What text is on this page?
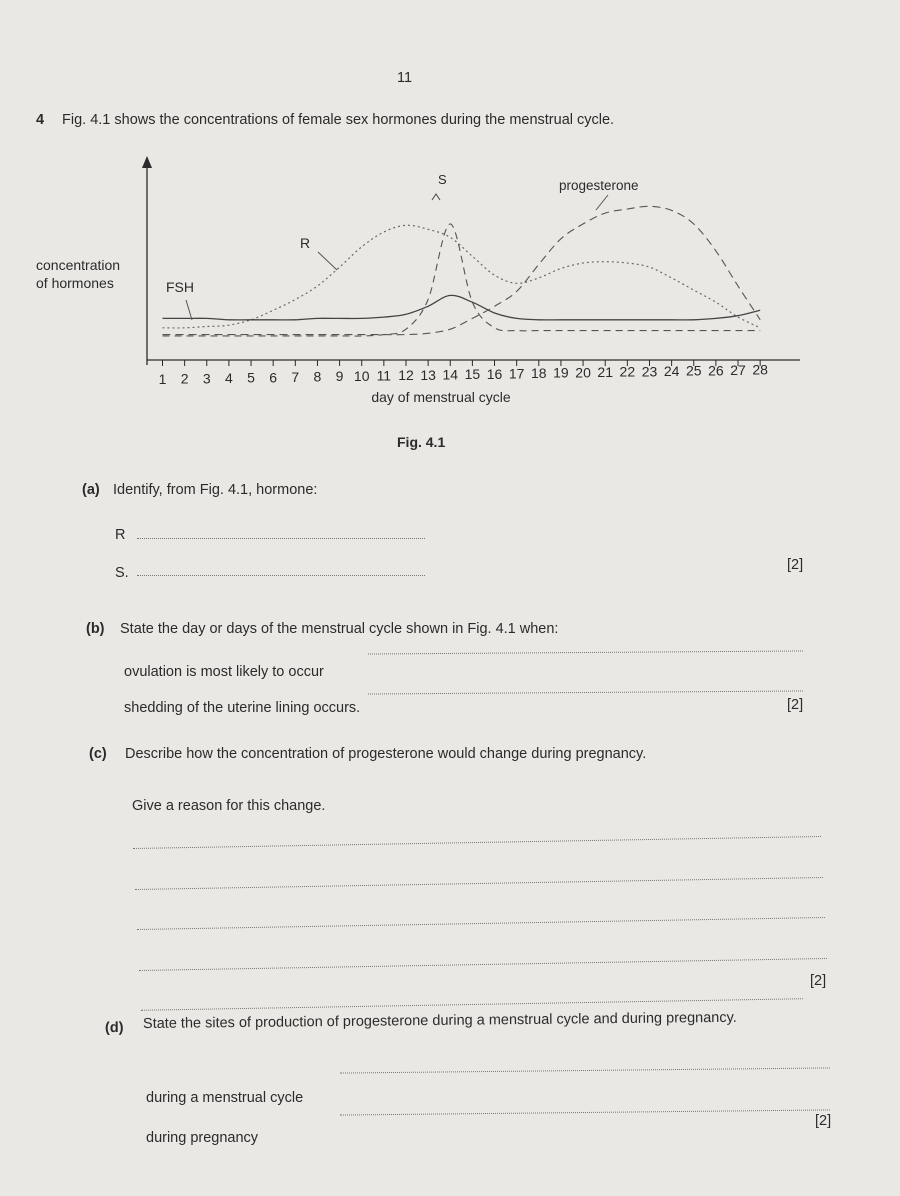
11
4 Fig. 4.1 shows the concentrations of female sex hormones during the menstrual cycle.
1 2 3 4 5 6 7 8 9 10 11 12 13 14 15 16 17 18 19 20 21 22 23 24 25 26 27 28
S
R
FSH
progesterone
concentration
of hormones
day of menstrual cycle
Fig. 4.1
(a) Identify, from Fig. 4.1, hormone:
R
S.	[2]
(b) State the day or days of the menstrual cycle shown in Fig. 4.1 when:
ovulation is most likely to occur
shedding of the uterine lining occurs.	[2]
(c) Describe how the concentration of progesterone would change during pregnancy.
Give a reason for this change.
[2]
(d) State the sites of production of progesterone during a menstrual cycle and during pregnancy.
during a menstrual cycle
during pregnancy
[2]
